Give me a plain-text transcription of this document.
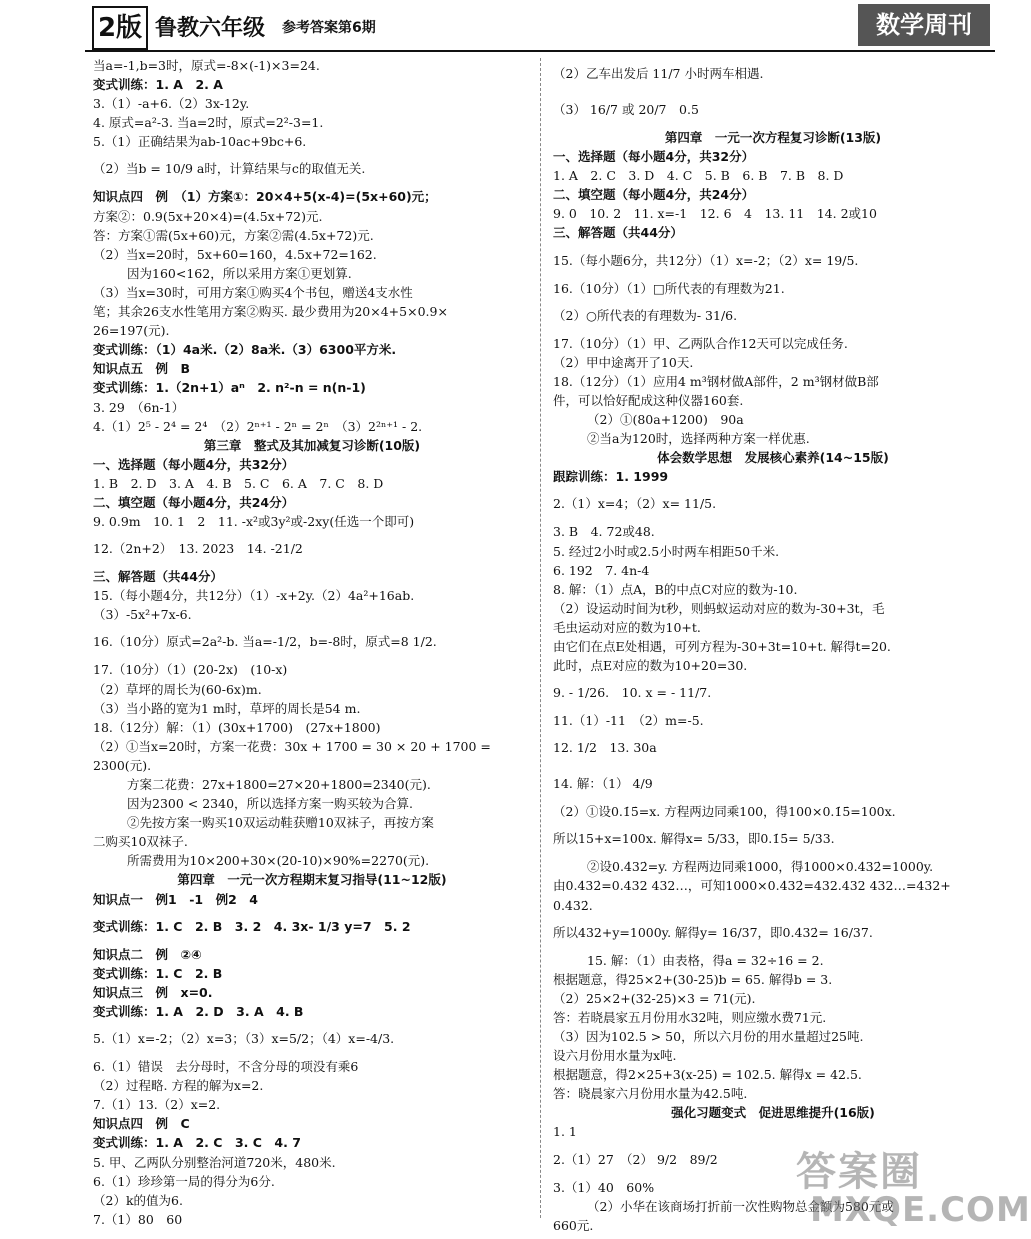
2版 鲁教六年级 参考答案第6期	数学周刊
当a=-1,b=3时，原式=-8×(-1)×3=24.
变式训练：1. A　2. A
3.（1）-a+6.（2）3x-12y.
4. 原式=a²-3. 当a=2时，原式=2²-3=1.
5.（1）正确结果为ab-10ac+9bc+6.
（2）当b = 10/9 a时，计算结果与c的取值无关.
知识点四　例　（1）方案①：20×4+5(x-4)=(5x+60)元；
方案②：0.9(5x+20×4)=(4.5x+72)元.
答：方案①需(5x+60)元，方案②需(4.5x+72)元.
（2）当x=20时，5x+60=160，4.5x+72=162.
因为160<162，所以采用方案①更划算.
（3）当x=30时，可用方案①购买4个书包，赠送4支水性
笔；其余26支水性笔用方案②购买. 最少费用为20×4+5×0.9×
26=197(元).
变式训练：（1）4a米.（2）8a米.（3）6300平方米.
知识点五　例　B
变式训练：1.（2n+1）aⁿ　2. n²-n = n(n-1)
3. 29　（6n-1）
4.（1）2⁵ - 2⁴ = 2⁴　（2）2ⁿ⁺¹ - 2ⁿ = 2ⁿ　（3）2²ⁿ⁺¹ - 2.
第三章　整式及其加减复习诊断(10版)
一、选择题（每小题4分，共32分）
1. B　2. D　3. A　4. B　5. C　6. A　7. C　8. D
二、填空题（每小题4分，共24分）
9. 0.9m　10. 1　2　11. -x²或3y²或-2xy(任选一个即可)
12.（2n+2）　13. 2023　14. -21/2
三、解答题（共44分）
15.（每小题4分，共12分）（1）-x+2y.（2）4a²+16ab.
（3）-5x²+7x-6.
16.（10分）原式=2a²-b. 当a=-1/2，b=-8时，原式=8 1/2.
17.（10分）（1）(20-2x)　(10-x)
（2）草坪的周长为(60-6x)m.
（3）当小路的宽为1 m时，草坪的周长是54 m.
18.（12分）解：（1）(30x+1700)　(27x+1800)
（2）①当x=20时，方案一花费：30x + 1700 = 30 × 20 + 1700 =
2300(元).
方案二花费：27x+1800=27×20+1800=2340(元).
因为2300 < 2340，所以选择方案一购买较为合算.
②先按方案一购买10双运动鞋获赠10双袜子，再按方案
二购买10双袜子.
所需费用为10×200+30×(20-10)×90%=2270(元).
第四章　一元一次方程期末复习指导(11~12版)
知识点一　例1　-1　例2　4
变式训练：1. C　2. B　3. 2　4. 3x- 1/3 y=7　5. 2
知识点二　例　②④
变式训练：1. C　2. B
知识点三　例　x=0.
变式训练：1. A　2. D　3. A　4. B
5.（1）x=-2；（2）x=3；（3）x=5/2；（4）x=-4/3.
6.（1）错误　去分母时，不含分母的项没有乘6
（2）过程略. 方程的解为x=2.
7.（1）13.（2）x=2.
知识点四　例　C
变式训练：1. A　2. C　3. C　4. 7
5. 甲、乙两队分别整治河道720米，480米.
6.（1）珍珍第一局的得分为6分.
（2）k的值为6.
7.（1）80　60
（2）乙车出发后 11/7 小时两车相遇.
（3） 16/7 或 20/7　0.5
第四章　一元一次方程复习诊断(13版)
一、选择题（每小题4分，共32分）
1. A　2. C　3. D　4. C　5. B　6. B　7. B　8. D
二、填空题（每小题4分，共24分）
9. 0　10. 2　11. x=-1　12. 6　4　13. 11　14. 2或10
三、解答题（共44分）
15.（每小题6分，共12分）（1）x=-2；（2）x= 19/5.
16.（10分）（1）□所代表的有理数为21.
（2）○所代表的有理数为- 31/6.
17.（10分）（1）甲、乙两队合作12天可以完成任务.
（2）甲中途离开了10天.
18.（12分）（1）应用4 m³钢材做A部件，2 m³钢材做B部
件，可以恰好配成这种仪器160套.
（2）①(80a+1200)　90a
②当a为120时，选择两种方案一样优惠.
体会数学思想　发展核心素养(14~15版)
跟踪训练：1. 1999
2.（1）x=4；（2）x= 11/5.
3. B　4. 72或48.
5. 经过2小时或2.5小时两车相距50千米.
6. 192　7. 4n-4
8. 解：（1）点A，B的中点C对应的数为-10.
（2）设运动时间为t秒，则蚂蚁运动对应的数为-30+3t，毛
毛虫运动对应的数为10+t.
由它们在点E处相遇，可列方程为-30+3t=10+t. 解得t=20.
此时，点E对应的数为10+20=30.
9. - 1/26.　10. x = - 11/7.
11.（1）-11　（2）m=-5.
12. 1/2　13. 30a
14. 解：（1） 4/9
（2）①设0.1̇5̇=x. 方程两边同乘100，得100×0.1̇5̇=100x.
所以15+x=100x. 解得x= 5/33，即0.1̇5̇= 5/33.
②设0.4̇32̇=y. 方程两边同乘1000，得1000×0.4̇32̇=1000y.
由0.4̇32̇=0.432 432…，可知1000×0.4̇32̇=432.432 432…=432+
0.4̇32̇.
所以432+y=1000y. 解得y= 16/37，即0.4̇32̇= 16/37.
15. 解：（1）由表格，得a = 32÷16 = 2.
根据题意，得25×2+(30-25)b = 65. 解得b = 3.
（2）25×2+(32-25)×3 = 71(元).
答：若晓晨家五月份用水32吨，则应缴水费71元.
（3）因为102.5 > 50，所以六月份的用水量超过25吨.
设六月份用水量为x吨.
根据题意，得2×25+3(x-25) = 102.5. 解得x = 42.5.
答：晓晨家六月份用水量为42.5吨.
强化习题变式　促进思维提升(16版)
1. 1
2.（1）27　（2） 9/2　89/2
3.（1）40　60%
（2）小华在该商场打折前一次性购物总金额为580元或
660元.
答案圈
MXQE.COM
